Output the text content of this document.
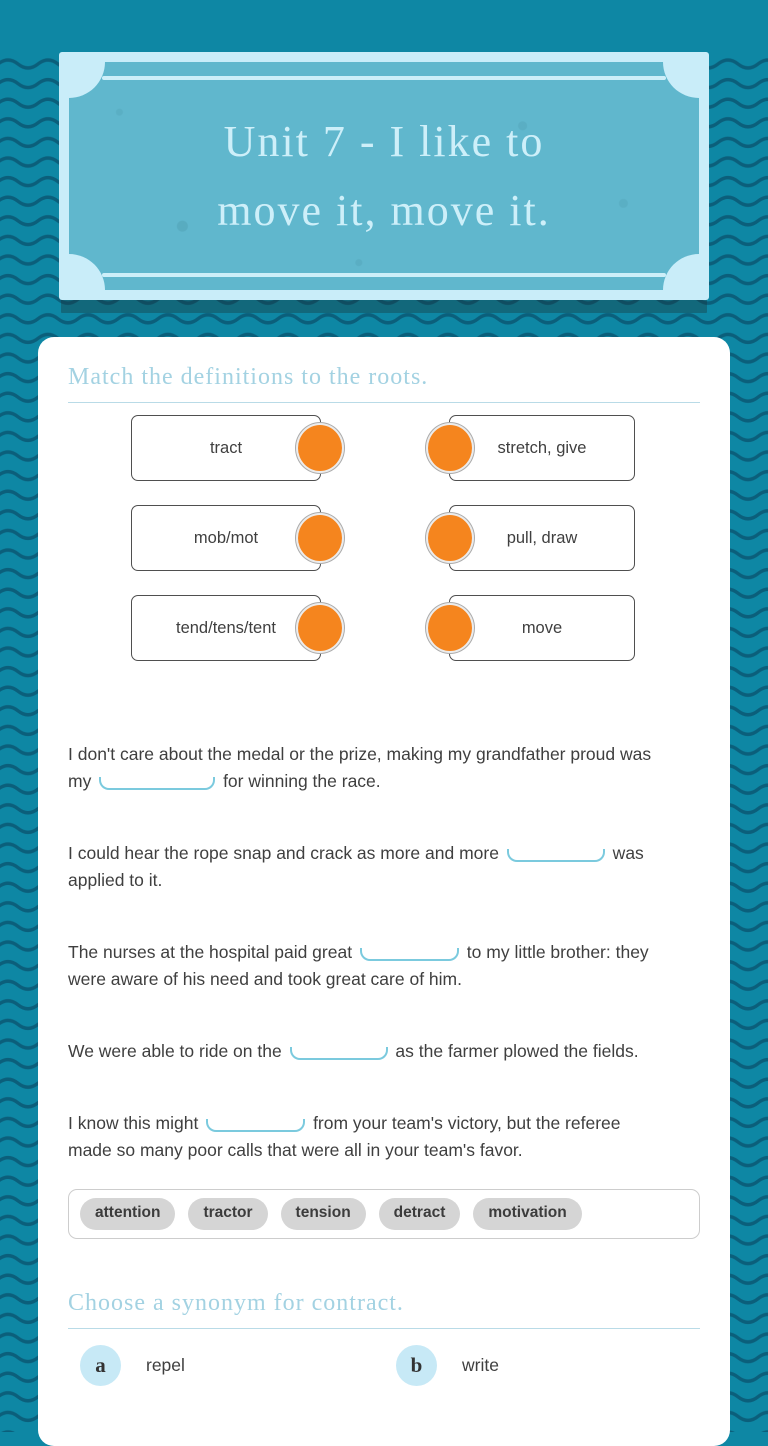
Unit 7 - I like to
move it, move it.
Match the definitions to the roots.
tract
mob/mot
tend/tens/tent
stretch, give
pull, draw
move

I don't care about the medal or the prize, making my grandfather proud was
my	for winning the race.

I could hear the rope snap and crack as more and more	was
applied to it.

The nurses at the hospital paid great	to my little brother: they
were aware of his need and took great care of him.

We were able to ride on the	as the farmer plowed the fields.

I know this might	from your team's victory, but the referee
made so many poor calls that were all in your team's favor.

attention	tractor	tension	detract	motivation
Choose a synonym for contract.
a	repel	b	write
